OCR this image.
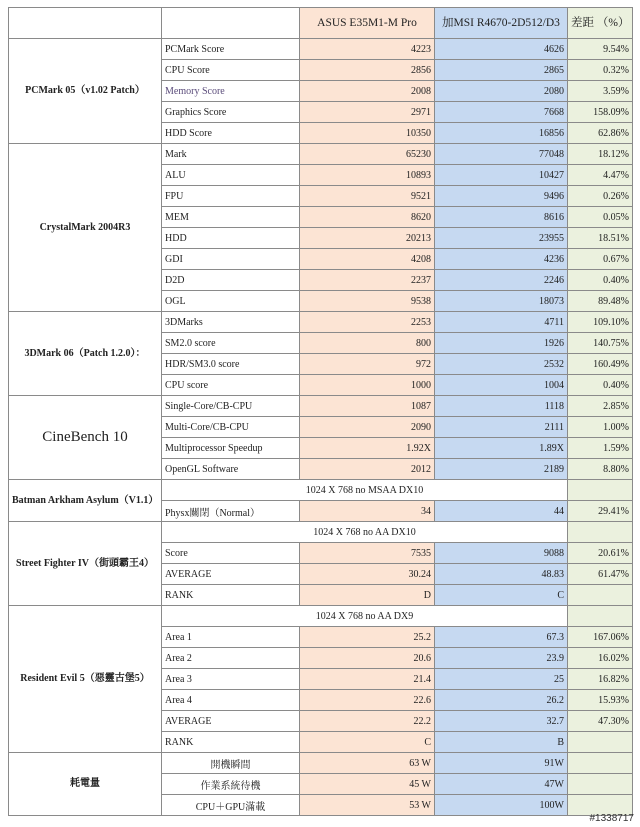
		ASUS E35M1-M Pro	加MSI R4670-2D512/D3	差距 （%）
PCMark 05（v1.02 Patch）	PCMark Score	4223	4626	9.54%
	CPU Score	2856	2865	0.32%
	Memory Score	2008	2080	3.59%
	Graphics Score	2971	7668	158.09%
	HDD Score	10350	16856	62.86%
CrystalMark 2004R3	Mark	65230	77048	18.12%
	ALU	10893	10427	4.47%
	FPU	9521	9496	0.26%
	MEM	8620	8616	0.05%
	HDD	20213	23955	18.51%
	GDI	4208	4236	0.67%
	D2D	2237	2246	0.40%
	OGL	9538	18073	89.48%
3DMark 06（Patch 1.2.0）：	3DMarks	2253	4711	109.10%
	SM2.0 score	800	1926	140.75%
	HDR/SM3.0 score	972	2532	160.49%
	CPU score	1000	1004	0.40%
CineBench 10	Single-Core/CB-CPU	1087	1118	2.85%
	Multi-Core/CB-CPU	2090	2111	1.00%
	Multiprocessor Speedup	1.92X	1.89X	1.59%
	OpenGL Software	2012	2189	8.80%
Batman Arkham Asylum（V1.1）	1024 X 768 no MSAA DX10			
	Physx關閉（Normal）	34	44	29.41%
Street Fighter IV（街頭霸王4）	1024 X 768 no AA DX10			
	Score	7535	9088	20.61%
	AVERAGE	30.24	48.83	61.47%
	RANK	D	C	
Resident Evil 5（惡靈古堡5）	1024 X 768 no AA DX9			
	Area 1	25.2	67.3	167.06%
	Area 2	20.6	23.9	16.02%
	Area 3	21.4	25	16.82%
	Area 4	22.6	26.2	15.93%
	AVERAGE	22.2	32.7	47.30%
	RANK	C	B	
耗電量	開機瞬間	63 W	91W	
	作業系統待機	45 W	47W	
	CPU＋GPU滿載	53 W	100W	
#1338717
